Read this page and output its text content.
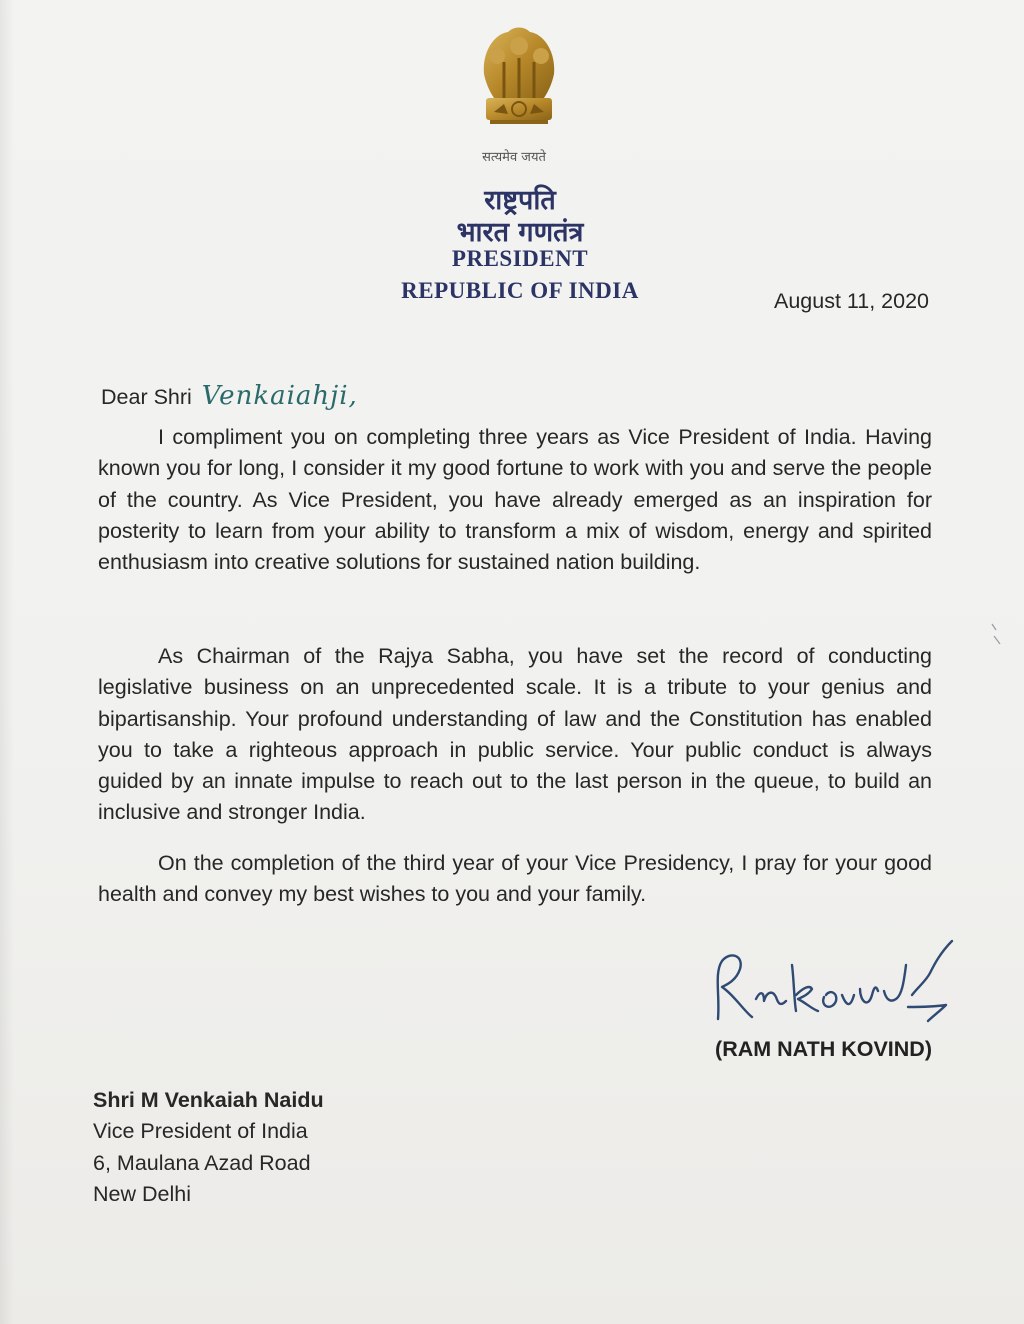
सत्यमेव जयते
राष्ट्रपति
भारत गणतंत्र
PRESIDENT
REPUBLIC OF INDIA	August 11, 2020
Dear Shri Venkaiahji,

I compliment you on completing three years as Vice President of India. Having known you for long, I consider it my good fortune to work with you and serve the people of the country. As Vice President, you have already emerged as an inspiration for posterity to learn from your ability to transform a mix of wisdom, energy and spirited enthusiasm into creative solutions for sustained nation building.

As Chairman of the Rajya Sabha, you have set the record of conducting legislative business on an unprecedented scale. It is a tribute to your genius and bipartisanship. Your profound understanding of law and the Constitution has enabled you to take a righteous approach in public service. Your public conduct is always guided by an innate impulse to reach out to the last person in the queue, to build an inclusive and stronger India.

On the completion of the third year of your Vice Presidency, I pray for your good health and convey my best wishes to you and your family.

(RAM NATH KOVIND)
Shri M Venkaiah Naidu
Vice President of India
6, Maulana Azad Road
New Delhi
